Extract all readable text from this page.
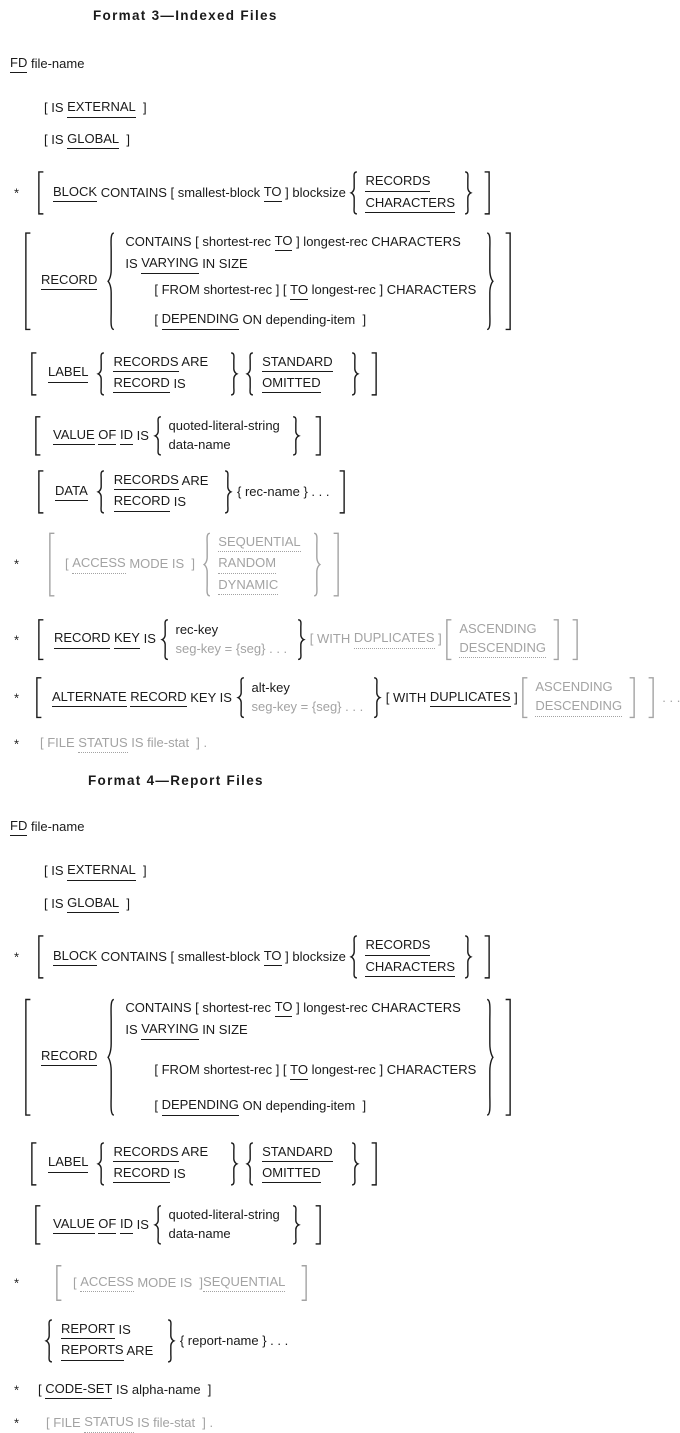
Format 3—Indexed Files
FD file-name
[ IS EXTERNAL ]
[ IS GLOBAL ]
*	BLOCK CONTAINS [ smallest-block TO ] blocksize
RECORDS
CHARACTERS
RECORD
CONTAINS [ shortest-rec TO ] longest-rec CHARACTERS
IS VARYING IN SIZE
[ FROM shortest-rec ] [ TO longest-rec ] CHARACTERS
[ DEPENDING ON depending-item  ]
LABEL
RECORDS ARE
RECORD IS
STANDARD
OMITTED
VALUE
OF
ID IS
quoted-literal-string
data-name
DATA
RECORDS ARE
RECORD IS
{ rec-name } . . .
*	[ ACCESS MODE IS  ]
SEQUENTIAL
RANDOM
DYNAMIC
*	RECORD
KEY IS
rec-key
seg-key = {seg} . . .
[ WITH DUPLICATES ]
ASCENDING
DESCENDING
*	ALTERNATE
RECORD KEY IS
alt-key
seg-key = {seg} . . .
[ WITH DUPLICATES ]
ASCENDING
DESCENDING
. . .
* [ FILE STATUS IS file-stat  ] .
Format 4—Report Files
FD file-name
[ IS EXTERNAL ]
[ IS GLOBAL ]
*	BLOCK CONTAINS [ smallest-block TO ] blocksize
RECORDS
CHARACTERS
RECORD
CONTAINS [ shortest-rec TO ] longest-rec CHARACTERS
IS VARYING IN SIZE
[ FROM shortest-rec ] [ TO longest-rec ] CHARACTERS
[ DEPENDING ON depending-item  ]
LABEL
RECORDS ARE
RECORD IS
STANDARD
OMITTED
VALUE
OF
ID IS
quoted-literal-string
data-name
*	[ ACCESS MODE IS  ] SEQUENTIAL
REPORT IS
REPORTS ARE
{ report-name } . . .
* [ CODE-SET IS alpha-name  ]
* [ FILE STATUS IS file-stat  ] .
